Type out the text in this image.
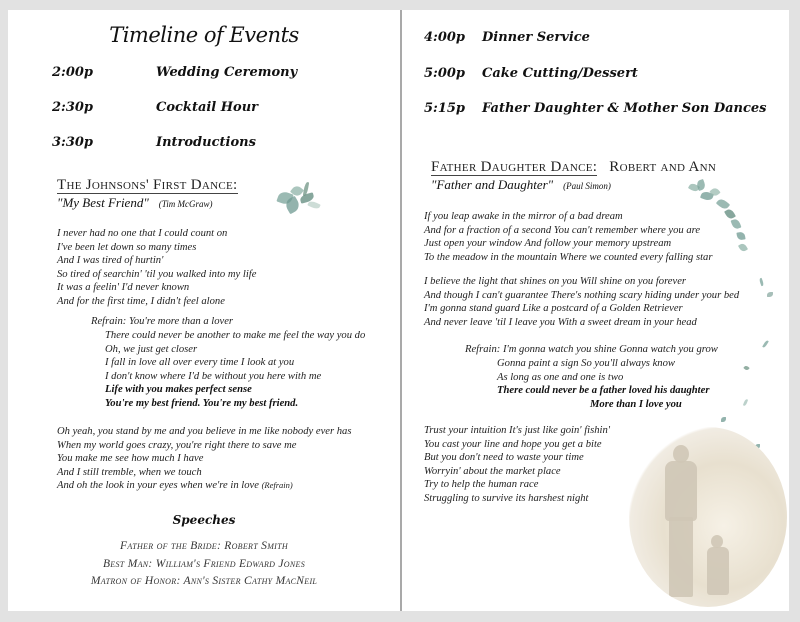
Timeline of Events
2:00p	Wedding Ceremony
2:30p	Cocktail Hour
3:30p	Introductions
The Johnsons' First Dance:
"My Best Friend" (Tim McGraw)
I never had no one that I could count on
I've been let down so many times
And I was tired of hurtin'
So tired of searchin' 'til you walked into my life
It was a feelin' I'd never known
And for the first time, I didn't feel alone
Refrain: You're more than a lover
There could never be another to make me feel the way you do
Oh, we just get closer
I fall in love all over every time I look at you
I don't know where I'd be without you here with me
Life with you makes perfect sense
You're my best friend. You're my best friend.
Oh yeah, you stand by me and you believe in me like nobody ever has
When my world goes crazy, you're right there to save me
You make me see how much I have
And I still tremble, when we touch
And oh the look in your eyes when we're in love (Refrain)
Speeches
Father of the Bride: Robert Smith
Best Man: William's Friend Edward Jones
Matron of Honor: Ann's Sister Cathy MacNeil
4:00p Dinner Service
5:00p Cake Cutting/Dessert
5:15p Father Daughter & Mother Son Dances
Father Daughter Dance: Robert and Ann
"Father and Daughter" (Paul Simon)
If you leap awake in the mirror of a bad dream
And for a fraction of a second You can't remember where you are
Just open your window And follow your memory upstream
To the meadow in the mountain Where we counted every falling star
I believe the light that shines on you Will shine on you forever
And though I can't guarantee There's nothing scary hiding under your bed
I'm gonna stand guard Like a postcard of a Golden Retriever
And never leave 'til I leave you With a sweet dream in your head
Refrain: I'm gonna watch you shine Gonna watch you grow
Gonna paint a sign So you'll always know
As long as one and one is two
There could never be a father loved his daughter
More than I love you
Trust your intuition It's just like goin' fishin'
You cast your line and hope you get a bite
But you don't need to waste your time
Worryin' about the market place
Try to help the human race
Struggling to survive its harshest night
